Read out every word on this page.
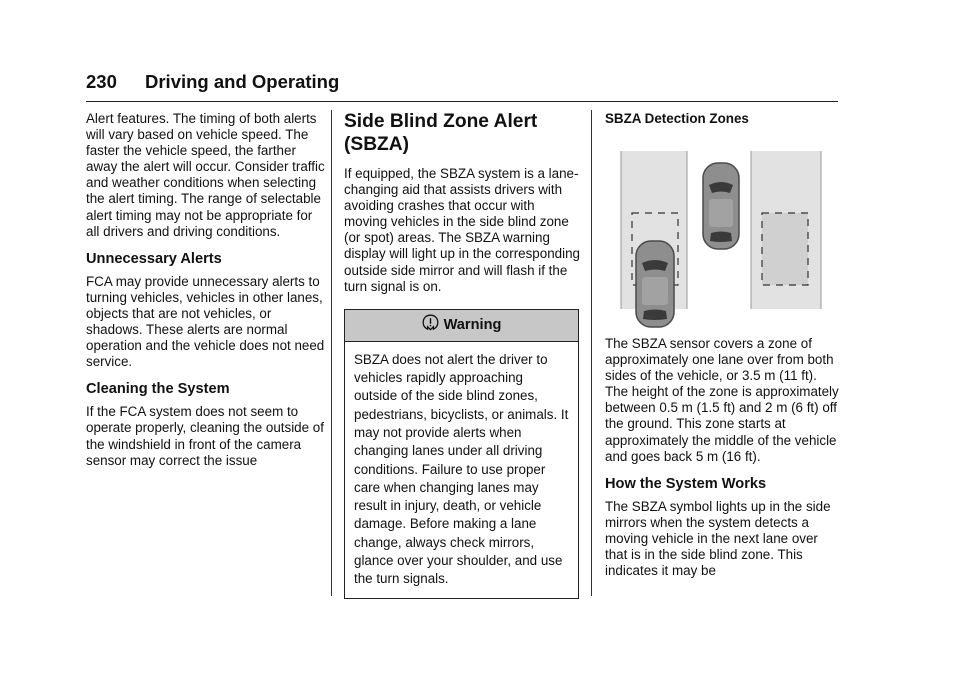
230 Driving and Operating

Alert features. The timing of both alerts will vary based on vehicle speed. The faster the vehicle speed, the farther away the alert will occur. Consider traffic and weather conditions when selecting the alert timing. The range of selectable alert timing may not be appropriate for all drivers and driving conditions.

Unnecessary Alerts

FCA may provide unnecessary alerts to turning vehicles, vehicles in other lanes, objects that are not vehicles, or shadows. These alerts are normal operation and the vehicle does not need service.

Cleaning the System

If the FCA system does not seem to operate properly, cleaning the outside of the windshield in front of the camera sensor may correct the issue

Side Blind Zone Alert (SBZA)

If equipped, the SBZA system is a lane-changing aid that assists drivers with avoiding crashes that occur with moving vehicles in the side blind zone (or spot) areas. The SBZA warning display will light up in the corresponding outside side mirror and will flash if the turn signal is on.

Warning
SBZA does not alert the driver to vehicles rapidly approaching outside of the side blind zones, pedestrians, bicyclists, or animals. It may not provide alerts when changing lanes under all driving conditions. Failure to use proper care when changing lanes may result in injury, death, or vehicle damage. Before making a lane change, always check mirrors, glance over your shoulder, and use the turn signals.
SBZA Detection Zones

The SBZA sensor covers a zone of approximately one lane over from both sides of the vehicle, or 3.5 m (11 ft). The height of the zone is approximately between 0.5 m (1.5 ft) and 2 m (6 ft) off the ground. This zone starts at approximately the middle of the vehicle and goes back 5 m (16 ft).

How the System Works

The SBZA symbol lights up in the side mirrors when the system detects a moving vehicle in the next lane over that is in the side blind zone. This indicates it may be
